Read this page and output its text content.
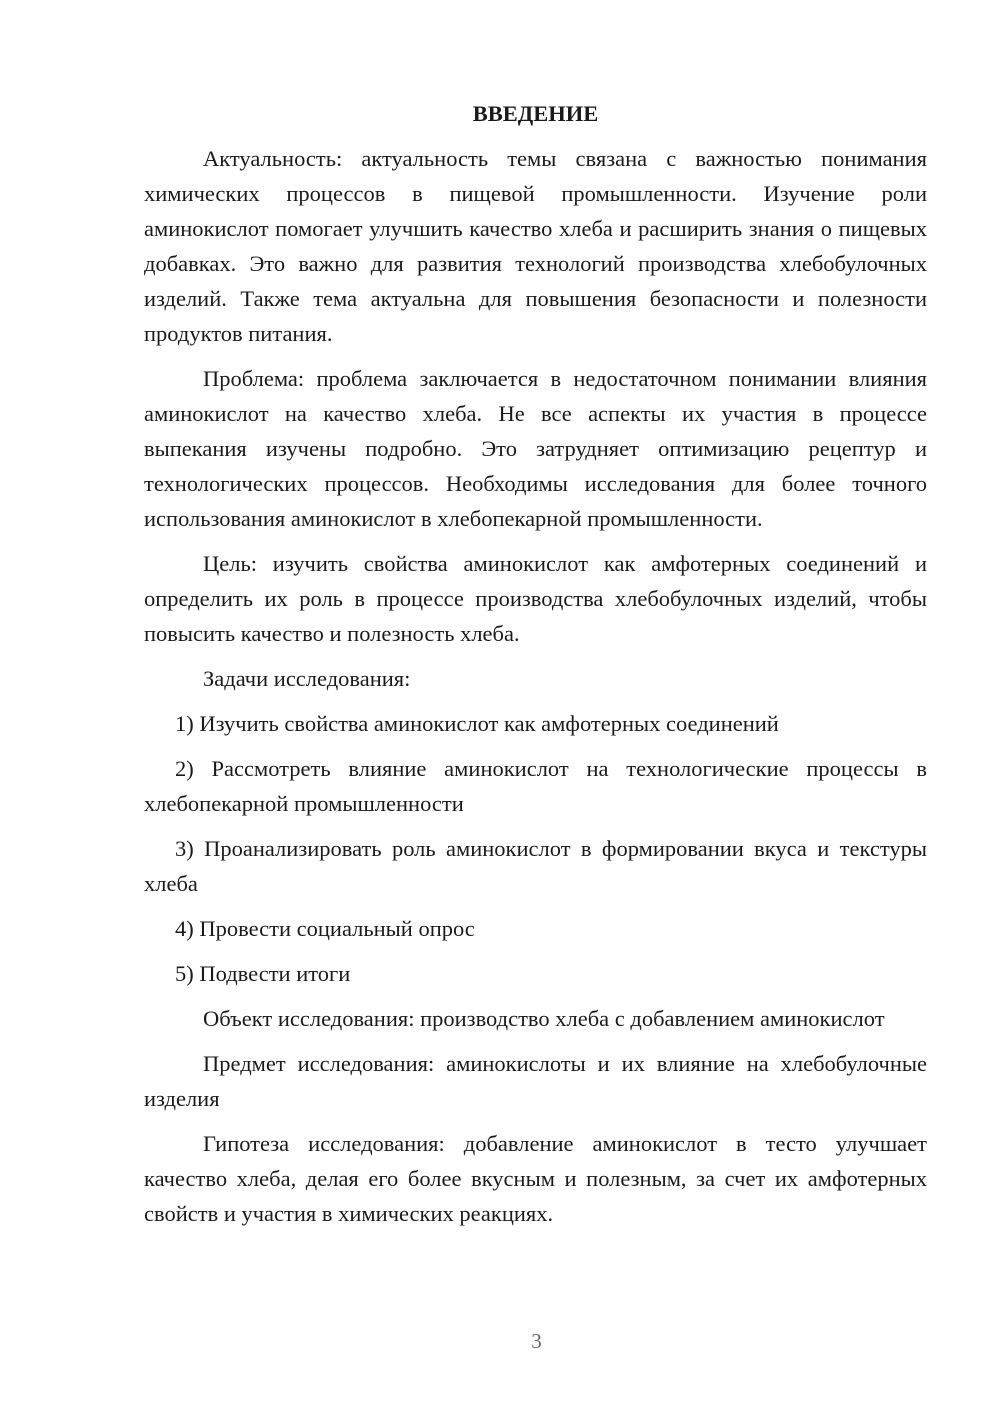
ВВЕДЕНИЕ

Актуальность: актуальность темы связана с важностью понимания химических процессов в пищевой промышленности. Изучение роли аминокислот помогает улучшить качество хлеба и расширить знания о пищевых добавках. Это важно для развития технологий производства хлебобулочных изделий. Также тема актуальна для повышения безопасности и полезности продуктов питания.

Проблема: проблема заключается в недостаточном понимании влияния аминокислот на качество хлеба. Не все аспекты их участия в процессе выпекания изучены подробно. Это затрудняет оптимизацию рецептур и технологических процессов. Необходимы исследования для более точного использования аминокислот в хлебопекарной промышленности.

Цель: изучить свойства аминокислот как амфотерных соединений и определить их роль в процессе производства хлебобулочных изделий, чтобы повысить качество и полезность хлеба.

Задачи исследования:

1) Изучить свойства аминокислот как амфотерных соединений

2) Рассмотреть влияние аминокислот на технологические процессы в хлебопекарной промышленности

3) Проанализировать роль аминокислот в формировании вкуса и текстуры хлеба

4) Провести социальный опрос

5) Подвести итоги

Объект исследования: производство хлеба с добавлением аминокислот

Предмет исследования: аминокислоты и их влияние на хлебобулочные изделия

Гипотеза исследования: добавление аминокислот в тесто улучшает качество хлеба, делая его более вкусным и полезным, за счет их амфотерных свойств и участия в химических реакциях.

3
